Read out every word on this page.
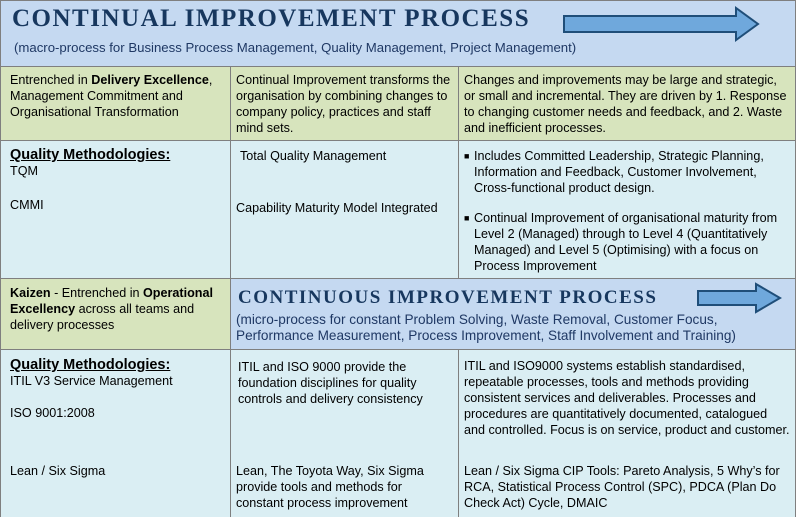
CONTINUAL IMPROVEMENT PROCESS
(macro-process for Business Process Management, Quality Management, Project Management)
Entrenched in Delivery Excellence, Management Commitment and Organisational Transformation
Continual Improvement transforms the organisation by combining changes to company policy, practices and staff mind sets.
Changes and improvements may be large and strategic, or small and incremental. They are driven by 1. Response to changing customer needs and feedback, and 2. Waste and inefficient processes.
Quality Methodologies:
TQM
CMMI
Total Quality Management
Capability Maturity Model Integrated
■ Includes Committed Leadership, Strategic Planning, Information and Feedback, Customer Involvement, Cross-functional product design.
■ Continual Improvement of organisational maturity from Level 2 (Managed) through to Level 4 (Quantitatively Managed) and Level 5 (Optimising) with a focus on Process Improvement
Kaizen - Entrenched in Operational Excellency across all teams and delivery processes
CONTINUOUS IMPROVEMENT PROCESS
(micro-process for constant Problem Solving, Waste Removal, Customer Focus,
Performance Measurement, Process Improvement, Staff Involvement and Training)
Quality Methodologies:
ITIL V3 Service Management
ISO 9001:2008
ITIL and ISO 9000 provide the foundation disciplines for quality controls and delivery consistency
ITIL and ISO9000 systems establish standardised, repeatable processes, tools and methods providing consistent services and deliverables. Processes and procedures are quantitatively documented, catalogued and controlled. Focus is on service, product and customer.
Lean / Six Sigma	Lean, The Toyota Way, Six Sigma provide tools and methods for constant process improvement
Lean / Six Sigma CIP Tools: Pareto Analysis, 5 Why’s for RCA, Statistical Process Control (SPC), PDCA (Plan Do Check Act) Cycle, DMAIC
